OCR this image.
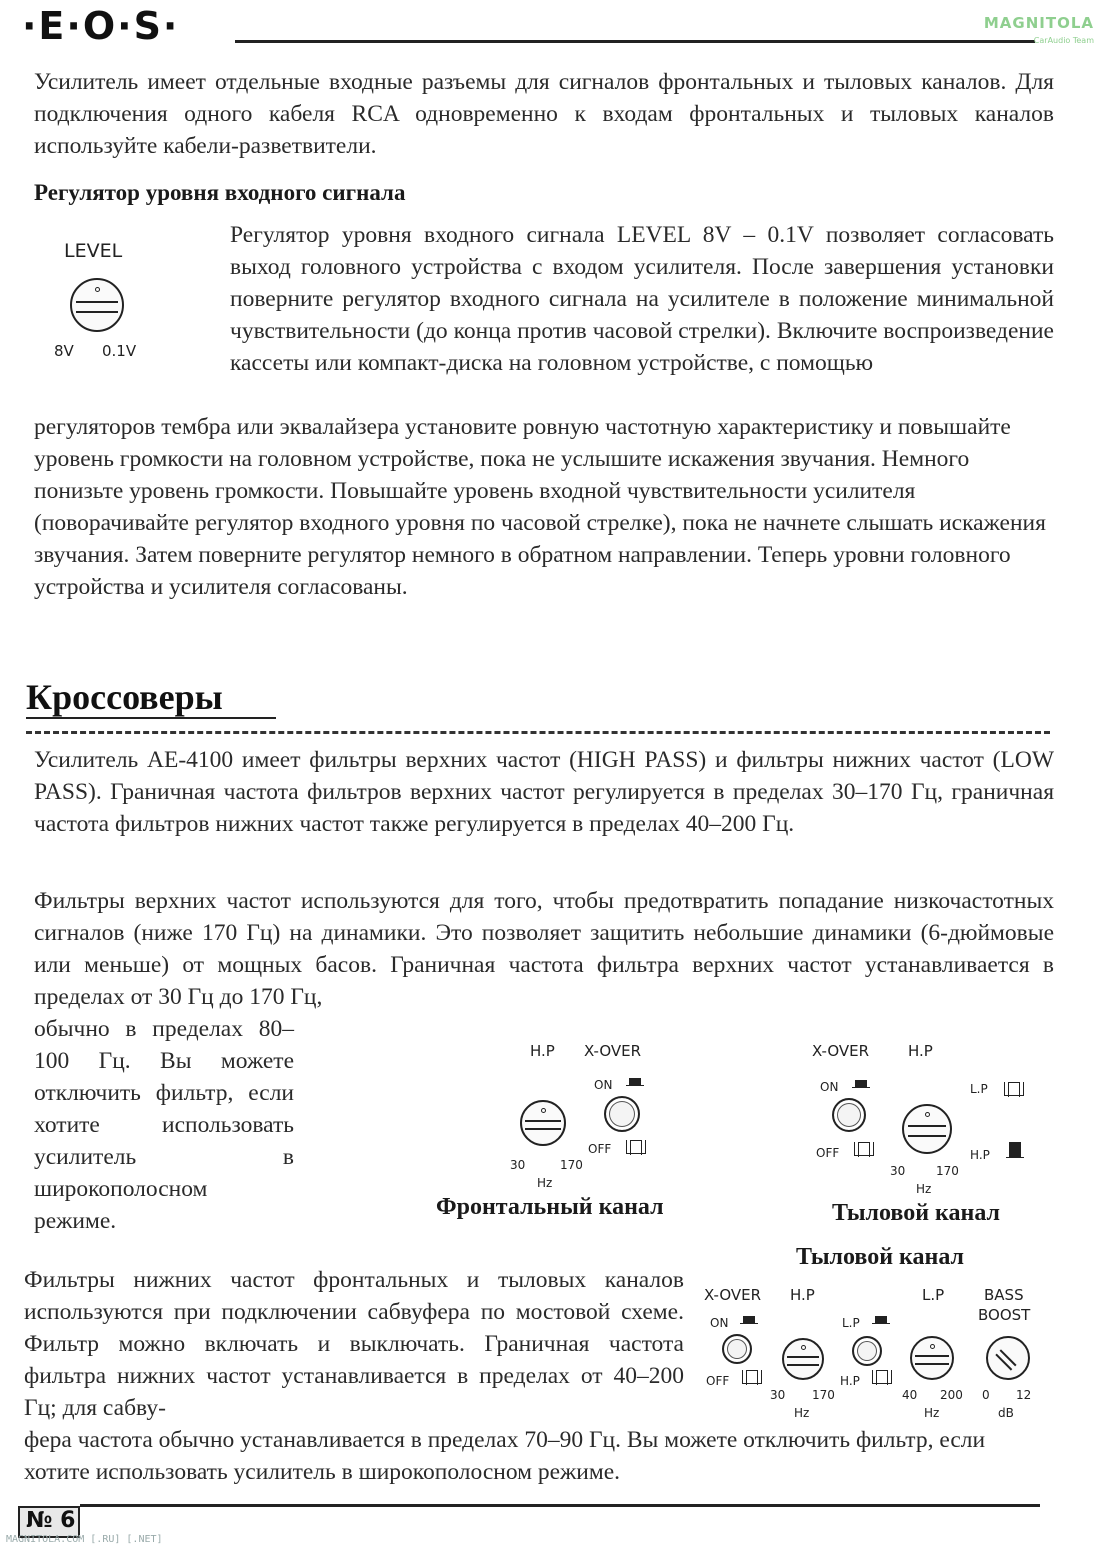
·E·O·S·	MAGNITOLA
CarAudio Team

Усилитель имеет отдельные входные разъемы для сигналов фронтальных и тыловых каналов. Для подключения одного кабеля RCA одновременно к входам фронтальных и тыловых каналов используйте кабели-разветвители.

Регулятор уровня входного сигнала
LEVEL
8V 0.1V

Регулятор уровня входного сигнала LEVEL 8V – 0.1V позволяет согласовать выход головного устройства с входом усилителя. После завершения установки поверните регулятор входного сигнала на усилителе в положение минимальной чувствительности (до конца против часовой стрелки). Включите воспроизведение кассеты или компакт-диска на головном устройстве, с помощью

регуляторов тембра или эквалайзера установите ровную частотную характеристику и повышайте уровень громкости на головном устройстве, пока не услышите искажения звучания. Немного понизьте уровень громкости. Повышайте уровень входной чувствительности усилителя (поворачивайте регулятор входного уровня по часовой стрелке), пока не начнете слышать искажения звучания. Затем поверните регулятор немного в обратном направлении. Теперь уровни головного устройства и усилителя согласованы.

Кроссоверы

Усилитель AE-4100 имеет фильтры верхних частот (HIGH PASS) и фильтры нижних частот (LOW PASS). Граничная частота фильтров верхних частот регулируется в пределах 30–170 Гц, граничная частота фильтров нижних частот также регулируется в пределах 40–200 Гц.

Фильтры верхних частот используются для того, чтобы предотвратить попадание низкочастотных сигналов (ниже 170 Гц) на динамики. Это позволяет защитить небольшие динамики (6-дюймовые или меньше) от мощных басов. Граничная частота фильтра верхних частот устанавливается в пределах от 30 Гц до 170 Гц,

обычно в пределах 80–100 Гц. Вы можете отключить фильтр, если хотите использовать усилитель в широкополосном режиме.

H.P X-OVER
ON
OFF
30	170
Hz
Фронтальный канал
X-OVER	H.P
ON	L.P
OFF	H.P
30	170
Hz
Тыловой канал

Фильтры нижних частот фронтальных и тыловых каналов используются при подключении сабвуфера по мостовой схеме. Фильтр можно включать и выключать. Граничная частота фильтра нижних частот устанавливается в пределах от 40–200 Гц; для сабву-

Тыловой канал
X-OVER H.P	L.P	BASS
BOOST
ON
OFF
30 170
Hz
L.P
H.P
40 200
Hz
0 12
dB

фера частота обычно устанавливается в пределах 70–90 Гц. Вы можете отключить фильтр, если хотите использовать усилитель в широкополосном режиме.

№ 6
MAGNITOLA.COM [.RU] [.NET]
